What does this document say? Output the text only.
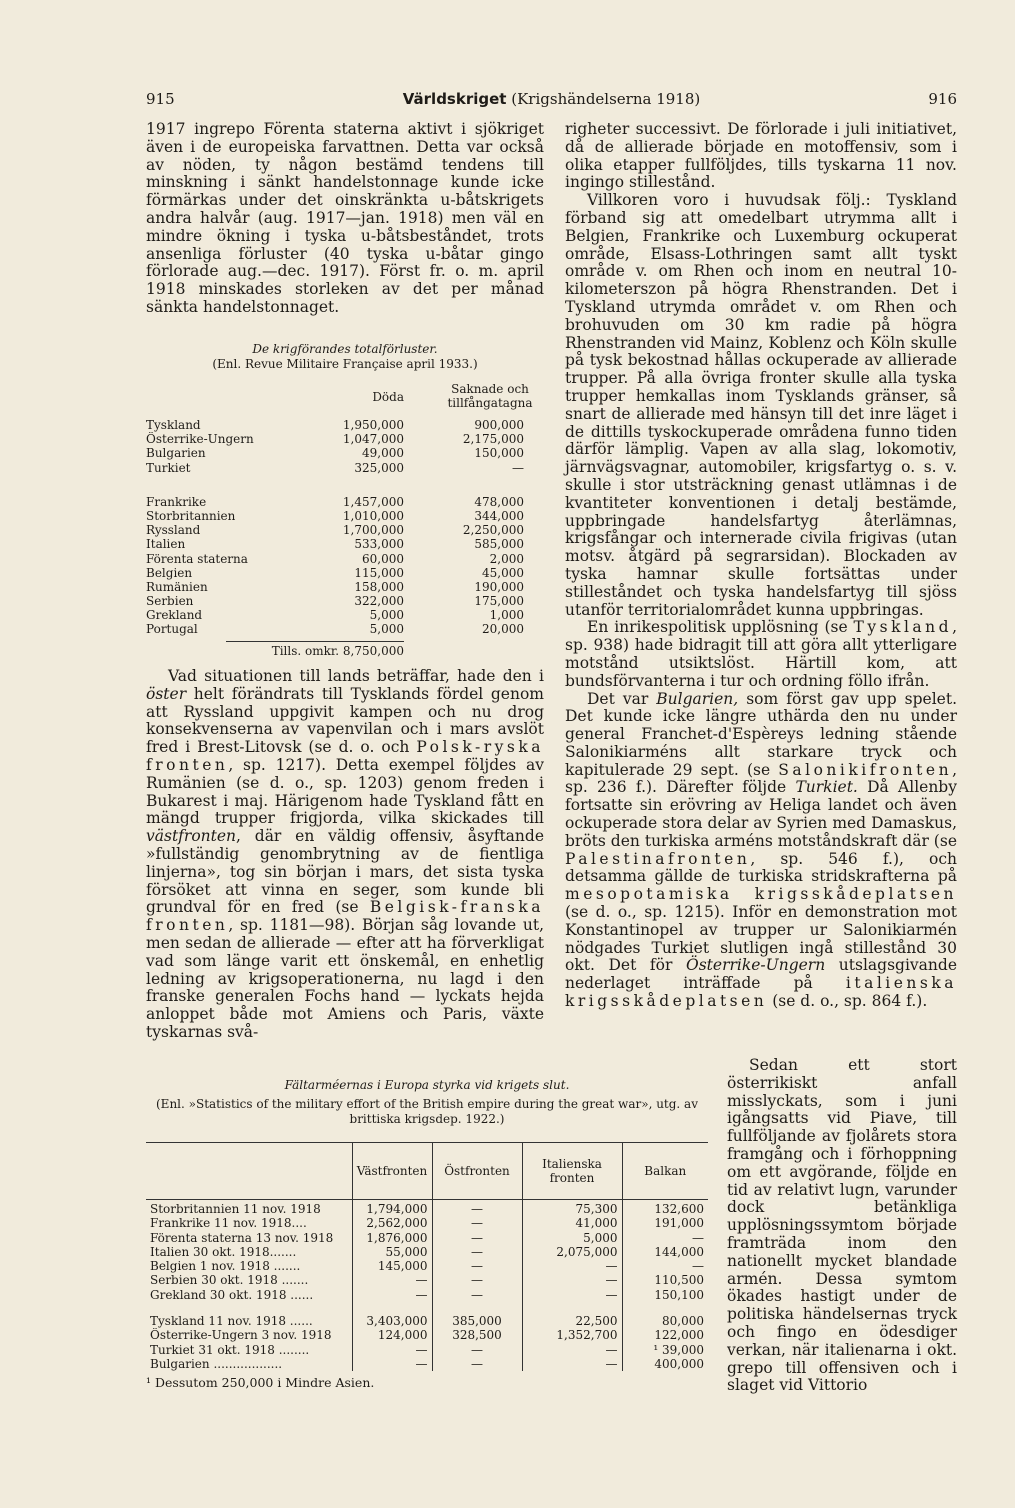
915	Världskriget (Krigshändelserna 1918)	916
1917 ingrepo Förenta staterna aktivt i sjökriget även i de europeiska farvattnen. Detta var också av nöden, ty någon bestämd tendens till minskning i sänkt handelstonnage kunde icke förmärkas under det oinskränkta u-båtskrigets andra halvår (aug. 1917—jan. 1918) men väl en mindre ökning i tyska u-båtsbeståndet, trots ansenliga förluster (40 tyska u-båtar gingo förlorade aug.—dec. 1917). Först fr. o. m. april 1918 minskades storleken av det per månad sänkta handelstonnaget.
De krigförandes totalförluster.
(Enl. Revue Militaire Française april 1933.)
Döda
Saknade och tillfångatagna
Tyskland	1,950,000	900,000
Österrike-Ungern	1,047,000	2,175,000
Bulgarien	49,000	150,000
Turkiet	325,000	—
Frankrike	1,457,000	478,000
Storbritannien	1,010,000	344,000
Ryssland	1,700,000	2,250,000
Italien	533,000	585,000
Förenta staterna	60,000	2,000
Belgien	115,000	45,000
Rumänien	158,000	190,000
Serbien	322,000	175,000
Grekland	5,000	1,000
Portugal	5,000	20,000
Tills. omkr. 8,750,000

Vad situationen till lands beträffar, hade den i öster helt förändrats till Tysklands fördel genom att Ryssland uppgivit kampen och nu drog konsekvenserna av vapenvilan och i mars avslöt fred i Brest-Litovsk (se d. o. och Polsk-ryska fronten, sp. 1217). Detta exempel följdes av Rumänien (se d. o., sp. 1203) genom freden i Bukarest i maj. Härigenom hade Tyskland fått en mängd trupper frigjorda, vilka skickades till västfronten, där en väldig offensiv, åsyftande »fullständig genombrytning av de fientliga linjerna», tog sin början i mars, det sista tyska försöket att vinna en seger, som kunde bli grundval för en fred (se Belgisk-franska fronten, sp. 1181—98). Början såg lovande ut, men sedan de allierade — efter att ha förverkligat vad som länge varit ett önskemål, en enhetlig ledning av krigsoperationerna, nu lagd i den franske generalen Fochs hand — lyckats hejda anloppet både mot Amiens och Paris, växte tyskarnas svå-

righeter successivt. De förlorade i juli initiativet, då de allierade började en motoffensiv, som i olika etapper fullföljdes, tills tyskarna 11 nov. ingingo stillestånd.

Villkoren voro i huvudsak följ.: Tyskland förband sig att omedelbart utrymma allt i Belgien, Frankrike och Luxemburg ockuperat område, Elsass-Lothringen samt allt tyskt område v. om Rhen och inom en neutral 10-kilometerszon på högra Rhenstranden. Det i Tyskland utrymda området v. om Rhen och brohuvuden om 30 km radie på högra Rhenstranden vid Mainz, Koblenz och Köln skulle på tysk bekostnad hållas ockuperade av allierade trupper. På alla övriga fronter skulle alla tyska trupper hemkallas inom Tysklands gränser, så snart de allierade med hänsyn till det inre läget i de dittills tyskockuperade områdena funno tiden därför lämplig. Vapen av alla slag, lokomotiv, järnvägsvagnar, automobiler, krigsfartyg o. s. v. skulle i stor utsträckning genast utlämnas i de kvantiteter konventionen i detalj bestämde, uppbringade handelsfartyg återlämnas, krigsfångar och internerade civila frigivas (utan motsv. åtgärd på segrarsidan). Blockaden av tyska hamnar skulle fortsättas under stilleståndet och tyska handelsfartyg till sjöss utanför territorialområdet kunna uppbringas.

En inrikespolitisk upplösning (se Tyskland, sp. 938) hade bidragit till att göra allt ytterligare motstånd utsiktslöst. Härtill kom, att bundsförvanterna i tur och ordning föllo ifrån.

Det var Bulgarien, som först gav upp spelet. Det kunde icke längre uthärda den nu under general Franchet-d'Espèreys ledning stående Salonikiarméns allt starkare tryck och kapitulerade 29 sept. (se Salonikifronten, sp. 236 f.). Därefter följde Turkiet. Då Allenby fortsatte sin erövring av Heliga landet och även ockuperade stora delar av Syrien med Damaskus, bröts den turkiska arméns motståndskraft där (se Palestinafronten, sp. 546 f.), och detsamma gällde de turkiska stridskrafterna på mesopotamiska krigsskådeplatsen (se d. o., sp. 1215). Inför en demonstration mot Konstantinopel av trupper ur Salonikiarmén nödgades Turkiet slutligen ingå stillestånd 30 okt. Det för Österrike-Ungern utslagsgivande nederlaget inträffade på italienska krigsskådeplatsen (se d. o., sp. 864 f.).

Sedan ett stort österrikiskt anfall misslyckats, som i juni igångsatts vid Piave, till fullföljande av fjolårets stora framgång och i förhoppning om ett avgörande, följde en tid av relativt lugn, varunder dock betänkliga upplösningssymtom började framträda inom den nationellt mycket blandade armén. Dessa symtom ökades hastigt under de politiska händelsernas tryck och fingo en ödesdiger verkan, när italienarna i okt. grepo till offensiven och i slaget vid Vittorio
Fältarméernas i Europa styrka vid krigets slut.
(Enl. »Statistics of the military effort of the British empire during the great war», utg. av brittiska krigsdep. 1922.)
	Västfronten	Östfronten	Italienska fronten	Balkan
Storbritannien 11 nov. 1918	1,794,000	—	75,300	132,600
Frankrike 11 nov. 1918....	2,562,000	—	41,000	191,000
Förenta staterna 13 nov. 1918	1,876,000	—	5,000	—
Italien 30 okt. 1918.......	55,000	—	2,075,000	144,000
Belgien 1 nov. 1918 .......	145,000	—	—	—
Serbien 30 okt. 1918 .......	—	—	—	110,500
Grekland 30 okt. 1918 ......	—	—	—	150,100

Tyskland 11 nov. 1918 ......	3,403,000	385,000	22,500	80,000
Österrike-Ungern 3 nov. 1918	124,000	328,500	1,352,700	122,000
Turkiet 31 okt. 1918 ........	—	—	—	¹ 39,000
Bulgarien ..................	—	—	—	400,000
¹ Dessutom 250,000 i Mindre Asien.
